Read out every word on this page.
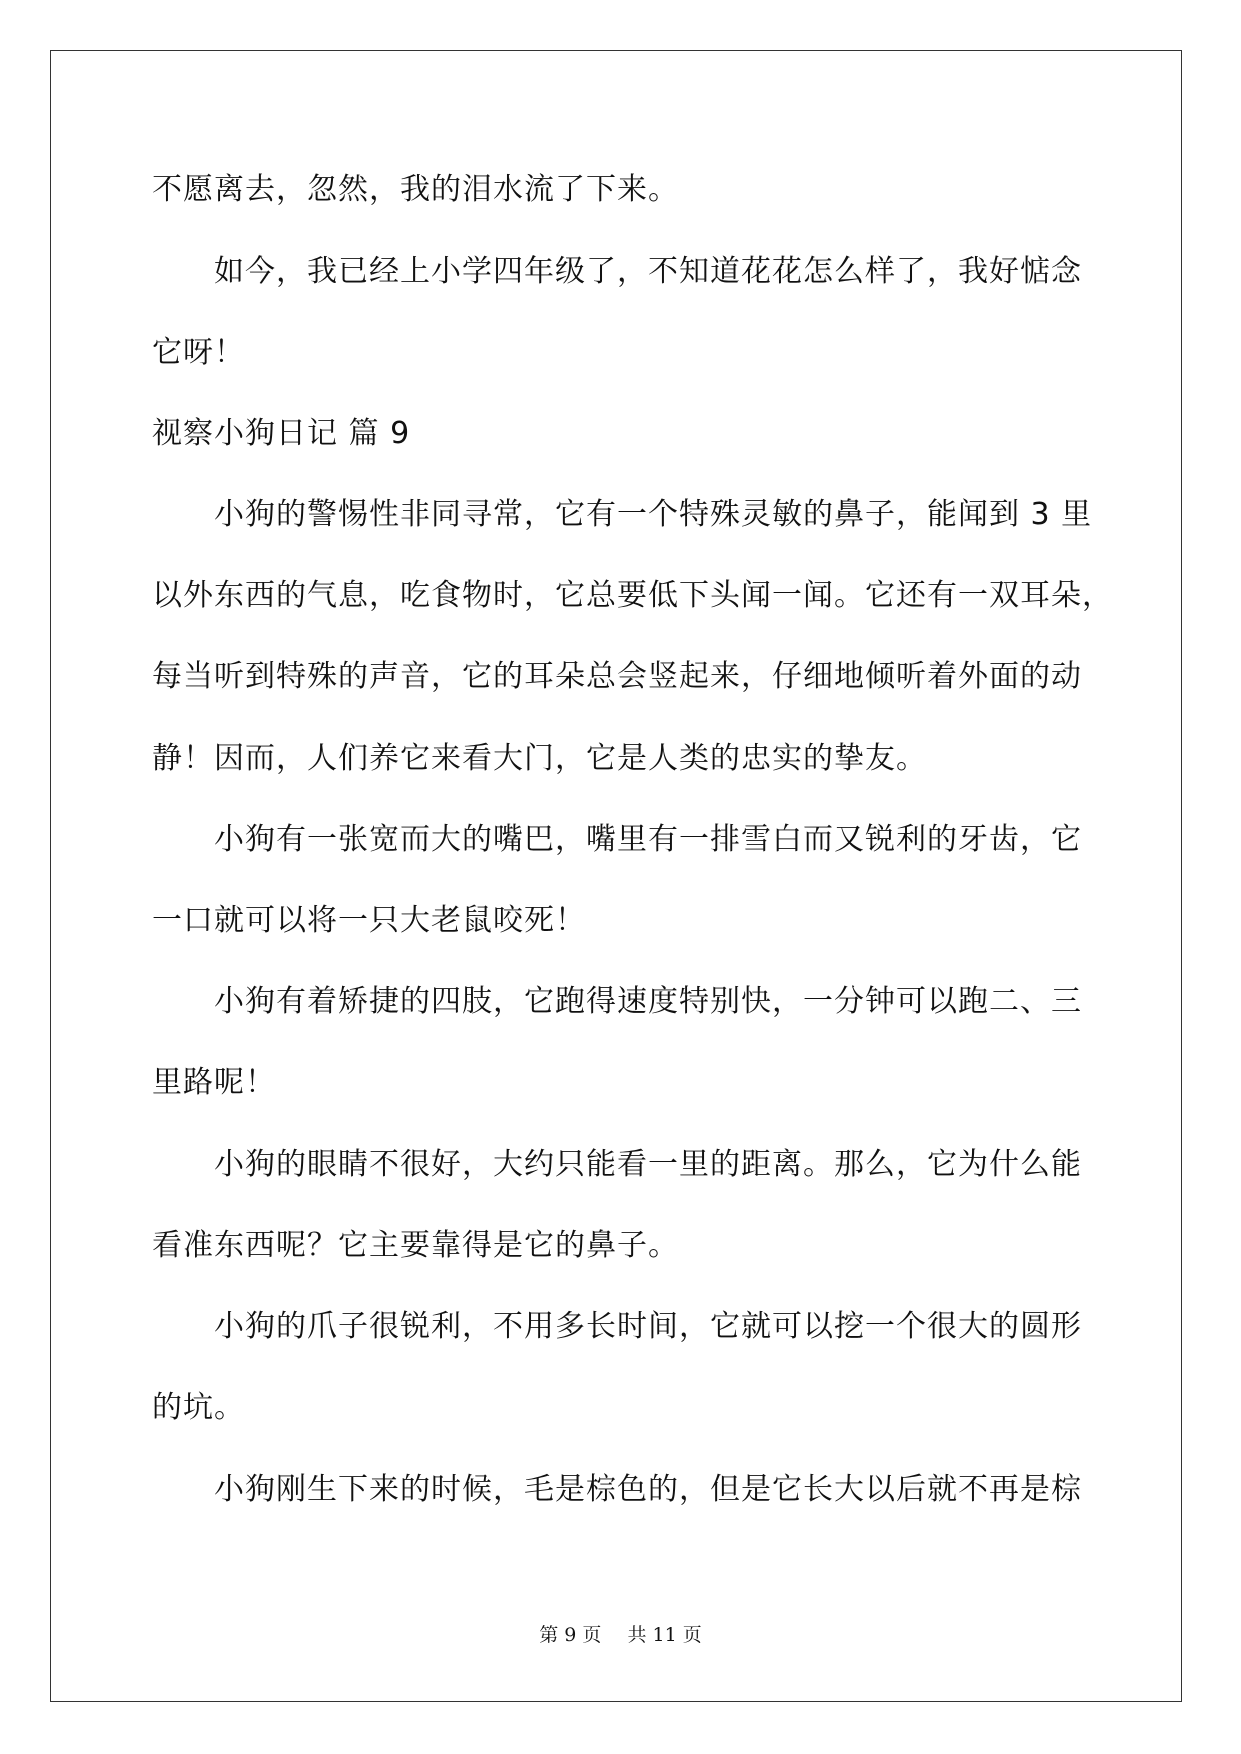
不愿离去，忽然，我的泪水流了下来。
如今，我已经上小学四年级了，不知道花花怎么样了，我好惦念
它呀！
视察小狗日记 篇 9
小狗的警惕性非同寻常，它有一个特殊灵敏的鼻子，能闻到 3 里
以外东西的气息，吃食物时，它总要低下头闻一闻。它还有一双耳朵，
每当听到特殊的声音，它的耳朵总会竖起来，仔细地倾听着外面的动
静！因而，人们养它来看大门，它是人类的忠实的挚友。
小狗有一张宽而大的嘴巴，嘴里有一排雪白而又锐利的牙齿，它
一口就可以将一只大老鼠咬死！
小狗有着矫捷的四肢，它跑得速度特别快，一分钟可以跑二、三
里路呢！
小狗的眼睛不很好，大约只能看一里的距离。那么，它为什么能
看准东西呢？它主要靠得是它的鼻子。
小狗的爪子很锐利，不用多长时间，它就可以挖一个很大的圆形
的坑。
小狗刚生下来的时候，毛是棕色的，但是它长大以后就不再是棕
第 9 页 共 11 页
